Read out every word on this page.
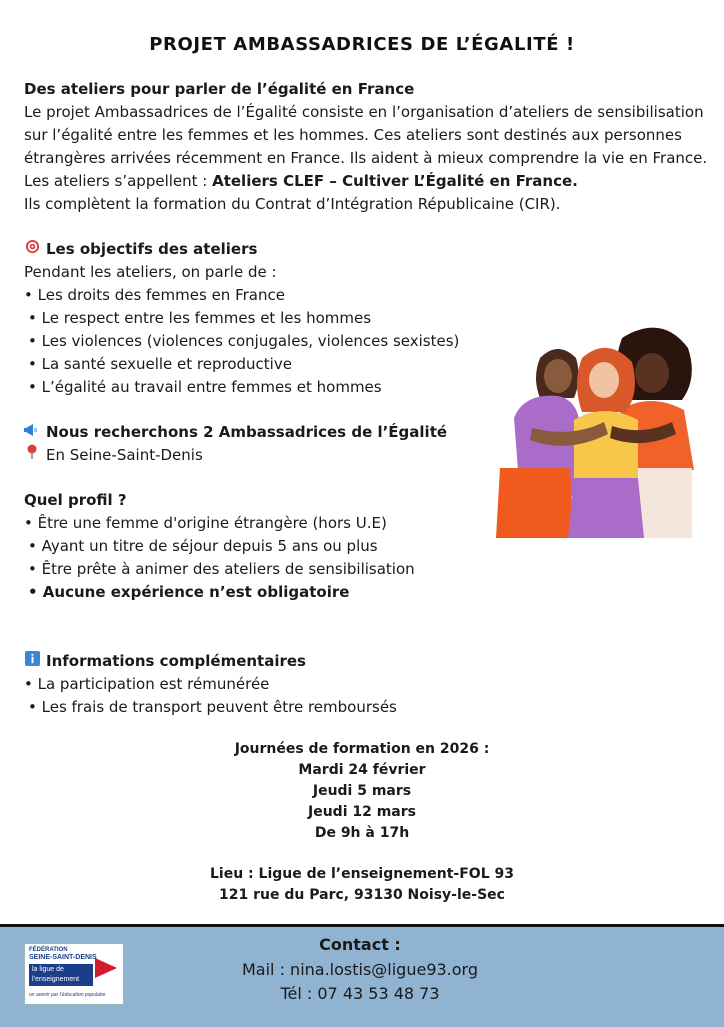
PROJET AMBASSADRICES DE L’ÉGALITÉ !

Des ateliers pour parler de l’égalité en France

Le projet Ambassadrices de l’Égalité consiste en l’organisation d’ateliers de sensibilisation sur l’égalité entre les femmes et les hommes. Ces ateliers sont destinés aux personnes étrangères arrivées récemment en France. Ils aident à mieux comprendre la vie en France. Les ateliers s’appellent : Ateliers CLEF – Cultiver L’Égalité en France.

Ils complètent la formation du Contrat d’Intégration Républicaine (CIR).

Les objectifs des ateliers

Pendant les ateliers, on parle de :

• Les droits des femmes en France

• Le respect entre les femmes et les hommes

• Les violences (violences conjugales, violences sexistes)

• La santé sexuelle et reproductive

• L’égalité au travail entre femmes et hommes

Nous recherchons 2 Ambassadrices de l’Égalité

En Seine-Saint-Denis

Quel profil ?

• Être une femme d'origine étrangère (hors U.E)

• Ayant un titre de séjour depuis 5 ans ou plus

• Être prête à animer des ateliers de sensibilisation

• Aucune expérience n’est obligatoire

Informations complémentaires

• La participation est rémunérée

• Les frais de transport peuvent être remboursés

Journées de formation en 2026 :
Mardi 24 février
Jeudi 5 mars
Jeudi 12 mars
De 9h à 17h
Lieu : Ligue de l’enseignement-FOL 93
121 rue du Parc, 93130 Noisy-le-Sec
FÉDÉRATION
SEINE-SAINT-DENIS
la ligue de l’enseignement
un avenir par l’éducation populaire
Contact :
Mail : nina.lostis@ligue93.org
Tél : 07 43 53 48 73
